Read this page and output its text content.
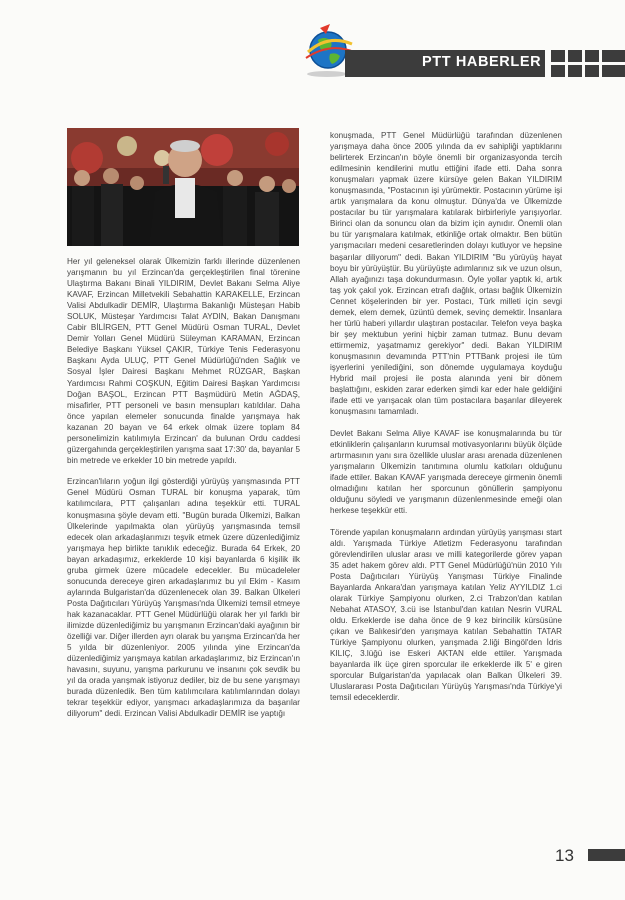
PTT HABERLER

Her yıl geleneksel olarak Ülkemizin farklı illerinde düzenlenen yarışmanın bu yıl Erzincan'da gerçekleştirilen final törenine Ulaştırma Bakanı Binali YILDIRIM, Devlet Bakanı Selma Aliye KAVAF, Erzincan Milletvekili Sebahattin KARAKELLE, Erzincan Valisi Abdulkadir DEMİR, Ulaştırma Bakanlığı Müsteşarı Habib SOLUK, Müsteşar Yardımcısı Talat AYDIN, Bakan Danışmanı Cabir BİLİRGEN, PTT Genel Müdürü Osman TURAL, Devlet Demir Yolları Genel Müdürü Süleyman KARAMAN, Erzincan Belediye Başkanı Yüksel ÇAKIR, Türkiye Tenis Federasyonu Başkanı Ayda ULUÇ, PTT Genel Müdürlüğü'nden Sağlık ve Sosyal İşler Dairesi Başkanı Mehmet RÜZGAR, Başkan Yardımcısı Rahmi COŞKUN, Eğitim Dairesi Başkan Yardımcısı Doğan BAŞOL, Erzincan PTT Başmüdürü Metin AĞDAŞ, misafirler, PTT personeli ve basın mensupları katıldılar. Daha önce yapılan elemeler sonucunda finalde yarışmaya hak kazanan 20 bayan ve 64 erkek olmak üzere toplam 84 personelimizin katılımıyla Erzincan' da bulunan Ordu caddesi güzergahında gerçekleştirilen yarışma saat 17:30' da, bayanlar 5 bin metrede ve erkekler 10 bin metrede yapıldı.

Erzincan'lıların yoğun ilgi gösterdiği yürüyüş yarışmasında PTT Genel Müdürü Osman TURAL bir konuşma yaparak, tüm katılımcılara, PTT çalışanları adına teşekkür etti. TURAL konuşmasına şöyle devam etti. "Bugün burada Ülkemizi, Balkan Ülkelerinde yapılmakta olan yürüyüş yarışmasında temsil edecek olan arkadaşlarımızı teşvik etmek üzere düzenlediğimiz yarışmaya hep birlikte tanıklık edeceğiz. Burada 64 Erkek, 20 bayan arkadaşımız, erkeklerde 10 kişi bayanlarda 6 kişilik ilk gruba girmek üzere mücadele edecekler. Bu mücadeleler sonucunda dereceye giren arkadaşlarımız bu yıl Ekim - Kasım aylarında Bulgaristan'da düzenlenecek olan 39. Balkan Ülkeleri Posta Dağıtıcıları Yürüyüş Yarışması'nda Ülkemizi temsil etmeye hak kazanacaklar. PTT Genel Müdürlüğü olarak her yıl farklı bir ilimizde düzenlediğimiz bu yarışmanın Erzincan'daki ayağının bir özelliği var. Diğer illerden ayrı olarak bu yarışma Erzincan'da her 5 yılda bir düzenleniyor. 2005 yılında yine Erzincan'da düzenlediğimiz yarışmaya katılan arkadaşlarımız, biz Erzincan'ın havasını, suyunu, yarışma parkurunu ve insanını çok sevdik bu yıl da orada yarışmak istiyoruz dediler, biz de bu sene yarışmayı burada düzenledik. Ben tüm katılımcılara katılımlarından dolayı tekrar teşekkür ediyor, yarışmacı arkadaşlarımıza da başarılar diliyorum" dedi. Erzincan Valisi Abdulkadir DEMİR ise yaptığı

konuşmada, PTT Genel Müdürlüğü tarafından düzenlenen yarışmaya daha önce 2005 yılında da ev sahipliği yaptıklarını belirterek Erzincan'ın böyle önemli bir organizasyonda tercih edilmesinin kendilerini mutlu ettiğini ifade etti. Daha sonra konuşmaları yapmak üzere kürsüye gelen Bakan YILDIRIM konuşmasında, "Postacının işi yürümektir. Postacının yürüme işi artık yarışmalara da konu olmuştur. Dünya'da ve Ülkemizde postacılar bu tür yarışmalara katılarak birbirleriyle yarışıyorlar. Birinci olan da sonuncu olan da bizim için aynıdır. Önemli olan bu tür yarışmalara katılmak, etkinliğe ortak olmaktır. Ben bütün yarışmacıları medeni cesaretlerinden dolayı kutluyor ve hepsine başarılar diliyorum" dedi. Bakan YILDIRIM "Bu yürüyüş hayat boyu bir yürüyüştür. Bu yürüyüşte adımlarınız sık ve uzun olsun, Allah ayağınızı taşa dokundurmasın. Öyle yollar yaptık ki, artık taş yok çakıl yok. Erzincan etrafı dağlık, ortası bağlık Ülkemizin Cennet köşelerinden bir yer. Postacı, Türk milleti için sevgi demek, elem demek, üzüntü demek, sevinç demektir. İnsanlara her türlü haberi yıllardır ulaştıran postacılar. Telefon veya başka bir şey mektubun yerini hiçbir zaman tutmaz. Bunu devam ettirmemiz, yaşatmamız gerekiyor" dedi. Bakan YILDIRIM konuşmasının devamında PTT'nin PTTBank projesi ile tüm işyerlerini yenilediğini, son dönemde uygulamaya koyduğu Hybrid mail projesi ile posta alanında yeni bir dönem başlattığını, eskiden zarar ederken şimdi kar eder hale geldiğini ifade etti ve yarışacak olan tüm postacılara başarılar dileyerek konuşmasını tamamladı.

Devlet Bakanı Selma Aliye KAVAF ise konuşmalarında bu tür etkinliklerin çalışanların kurumsal motivasyonlarını büyük ölçüde artırmasının yanı sıra özellikle uluslar arası arenada düzenlenen yarışmaların Ülkemizin tanıtımına olumlu katkıları olduğunu ifade ettiler. Bakan KAVAF yarışmada dereceye girmenin önemli olmadığını katılan her sporcunun gönüllerin şampiyonu olduğunu söyledi ve yarışmanın düzenlenmesinde emeği olan herkese teşekkür etti.

Törende yapılan konuşmaların ardından yürüyüş yarışması start aldı. Yarışmada Türkiye Atletizm Federasyonu tarafından görevlendirilen uluslar arası ve milli kategorilerde görev yapan 35 adet hakem görev aldı. PTT Genel Müdürlüğü'nün 2010 Yılı Posta Dağıtıcıları Yürüyüş Yarışması Türkiye Finalinde Bayanlarda Ankara'dan yarışmaya katılan Yeliz AYYILDIZ 1.ci olarak Türkiye Şampiyonu olurken, 2.ci Trabzon'dan katılan Nebahat ATASOY, 3.cü ise İstanbul'dan katılan Nesrin VURAL oldu. Erkeklerde ise daha önce de 9 kez birincilik kürsüsüne çıkan ve Balıkesir'den yarışmaya katılan Sebahattin TATAR Türkiye Şampiyonu olurken, yarışmada 2.liği Bingöl'den İdris KILIÇ, 3.lüğü ise Eskeri AKTAN elde ettiler. Yarışmada bayanlarda ilk üçe giren sporcular ile erkeklerde ilk 5' e giren sporcular Bulgaristan'da yapılacak olan Balkan Ülkeleri 39. Uluslararası Posta Dağıtıcıları Yürüyüş Yarışması'nda Türkiye'yi temsil edeceklerdir.

13
